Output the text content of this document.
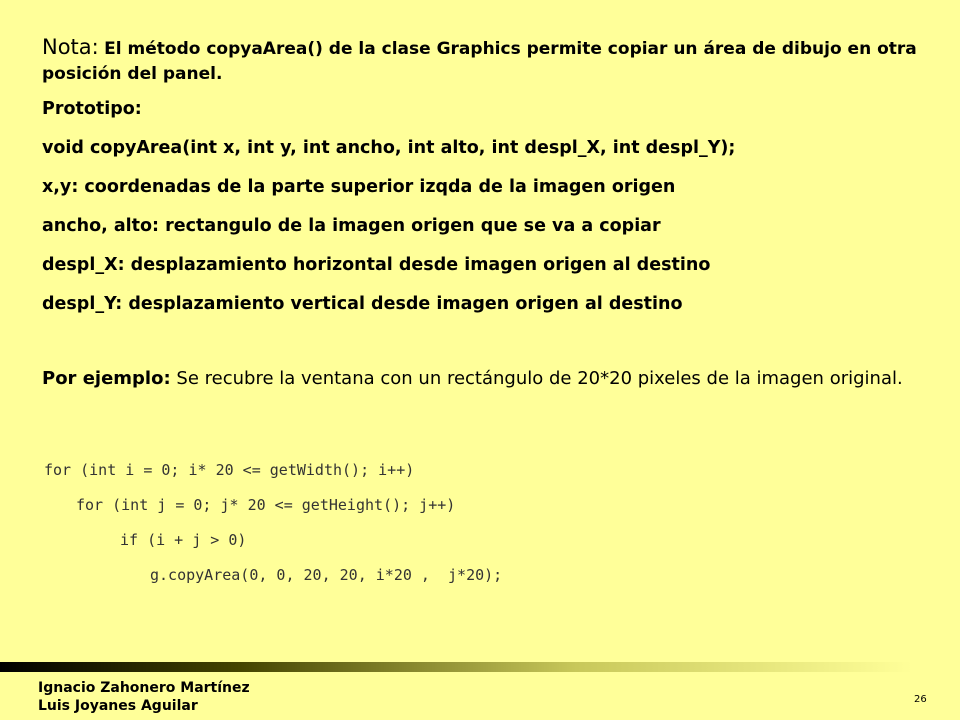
Nota: El método copyaArea() de la clase Graphics permite copiar un área de dibujo en otra posición del panel.

Prototipo:

void copyArea(int x, int y, int ancho, int alto, int despl_X, int despl_Y);

x,y: coordenadas de la parte superior izqda de la imagen origen

ancho, alto: rectangulo de la imagen origen que se va a copiar

despl_X: desplazamiento horizontal desde imagen origen al destino

despl_Y: desplazamiento vertical desde imagen origen al destino

Por ejemplo: Se recubre la ventana con un rectángulo de 20*20 pixeles de la imagen original.

for (int i = 0; i* 20 <= getWidth(); i++)
for (int j = 0; j* 20 <= getHeight(); j++)
if (i + j > 0)
g.copyArea(0, 0, 20, 20, i*20 ,  j*20);

Ignacio Zahonero Martínez

Luis Joyanes Aguilar	26
